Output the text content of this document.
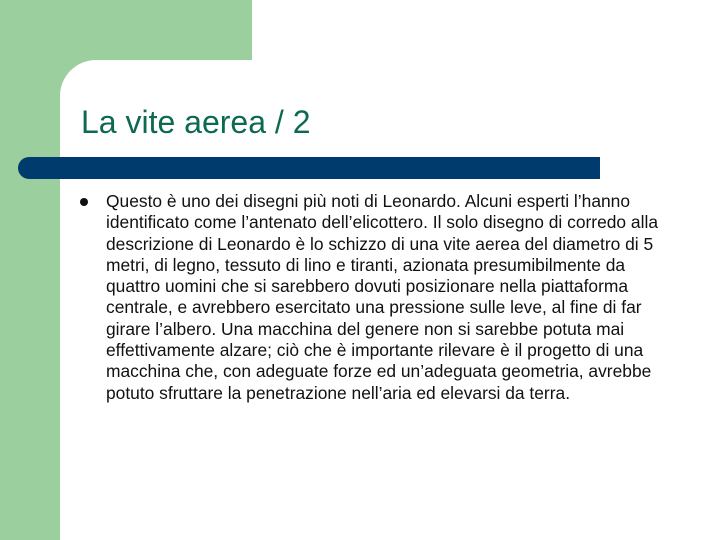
La vite aerea / 2

Questo è uno dei disegni più noti di Leonardo. Alcuni esperti l’hanno identificato come l’antenato dell’elicottero. Il solo disegno di corredo alla descrizione di Leonardo è lo schizzo di una vite aerea del diametro di 5 metri, di legno, tessuto di lino e tiranti, azionata presumibilmente da quattro uomini che si sarebbero dovuti posizionare nella piattaforma centrale, e avrebbero esercitato una pressione sulle leve, al fine di far girare l’albero. Una macchina del genere non si sarebbe potuta mai effettivamente alzare; ciò che è importante rilevare è il progetto di una macchina che, con adeguate forze ed un’adeguata geometria, avrebbe potuto sfruttare la penetrazione nell’aria ed elevarsi da terra.
